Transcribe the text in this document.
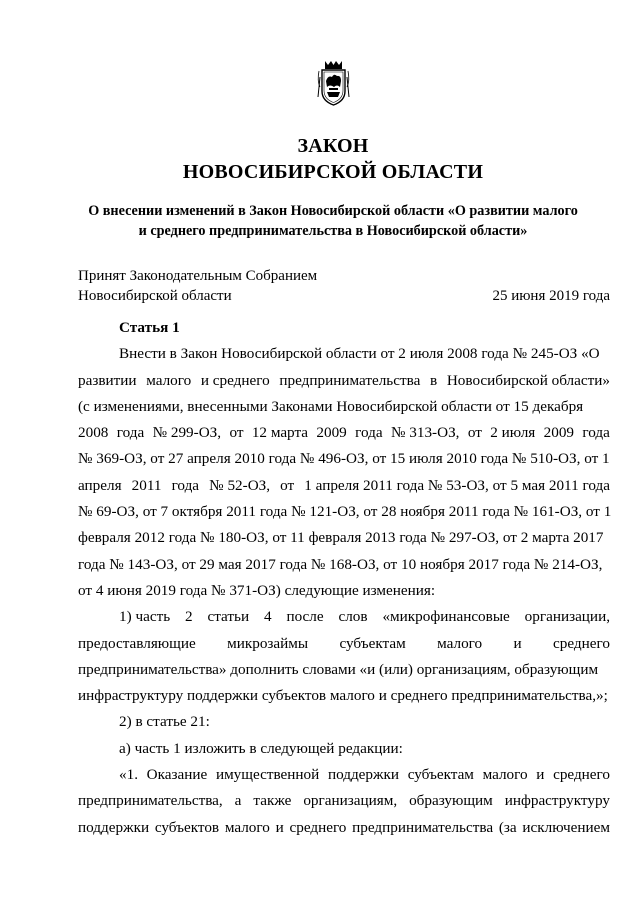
ЗАКОН
НОВОСИБИРСКОЙ ОБЛАСТИ
О внесении изменений в Закон Новосибирской области «О развитии малого
и среднего предпринимательства в Новосибирской области»
Принят Законодательным Собранием
Новосибирской области	25 июня 2019 года
Статья 1
Внести в Закон Новосибирской области от 2 июля 2008 года № 245-ОЗ «О
развитии малого и среднего предпринимательства в Новосибирской области»
(с изменениями, внесенными Законами Новосибирской области от 15 декабря
2008 года № 299-ОЗ, от 12 марта 2009 года № 313-ОЗ, от 2 июля 2009 года
№ 369-ОЗ, от 27 апреля 2010 года № 496-ОЗ, от 15 июля 2010 года № 510-ОЗ, от 1
апреля 2011 года № 52-ОЗ, от 1 апреля 2011 года № 53-ОЗ, от 5 мая 2011 года
№ 69-ОЗ, от 7 октября 2011 года № 121-ОЗ, от 28 ноября 2011 года № 161-ОЗ, от 1
февраля 2012 года № 180-ОЗ, от 11 февраля 2013 года № 297-ОЗ, от 2 марта 2017
года № 143-ОЗ, от 29 мая 2017 года № 168-ОЗ, от 10 ноября 2017 года № 214-ОЗ,
от 4 июня 2019 года № 371-ОЗ) следующие изменения:
1) часть 2 статьи 4 после слов «микрофинансовые организации,
предоставляющие микрозаймы субъектам малого и среднего
предпринимательства» дополнить словами «и (или) организациям, образующим
инфраструктуру поддержки субъектов малого и среднего предпринимательства,»;
2) в статье 21:
а) часть 1 изложить в следующей редакции:
«1. Оказание имущественной поддержки субъектам малого и среднего
предпринимательства, а также организациям, образующим инфраструктуру
поддержки субъектов малого и среднего предпринимательства (за исключением
